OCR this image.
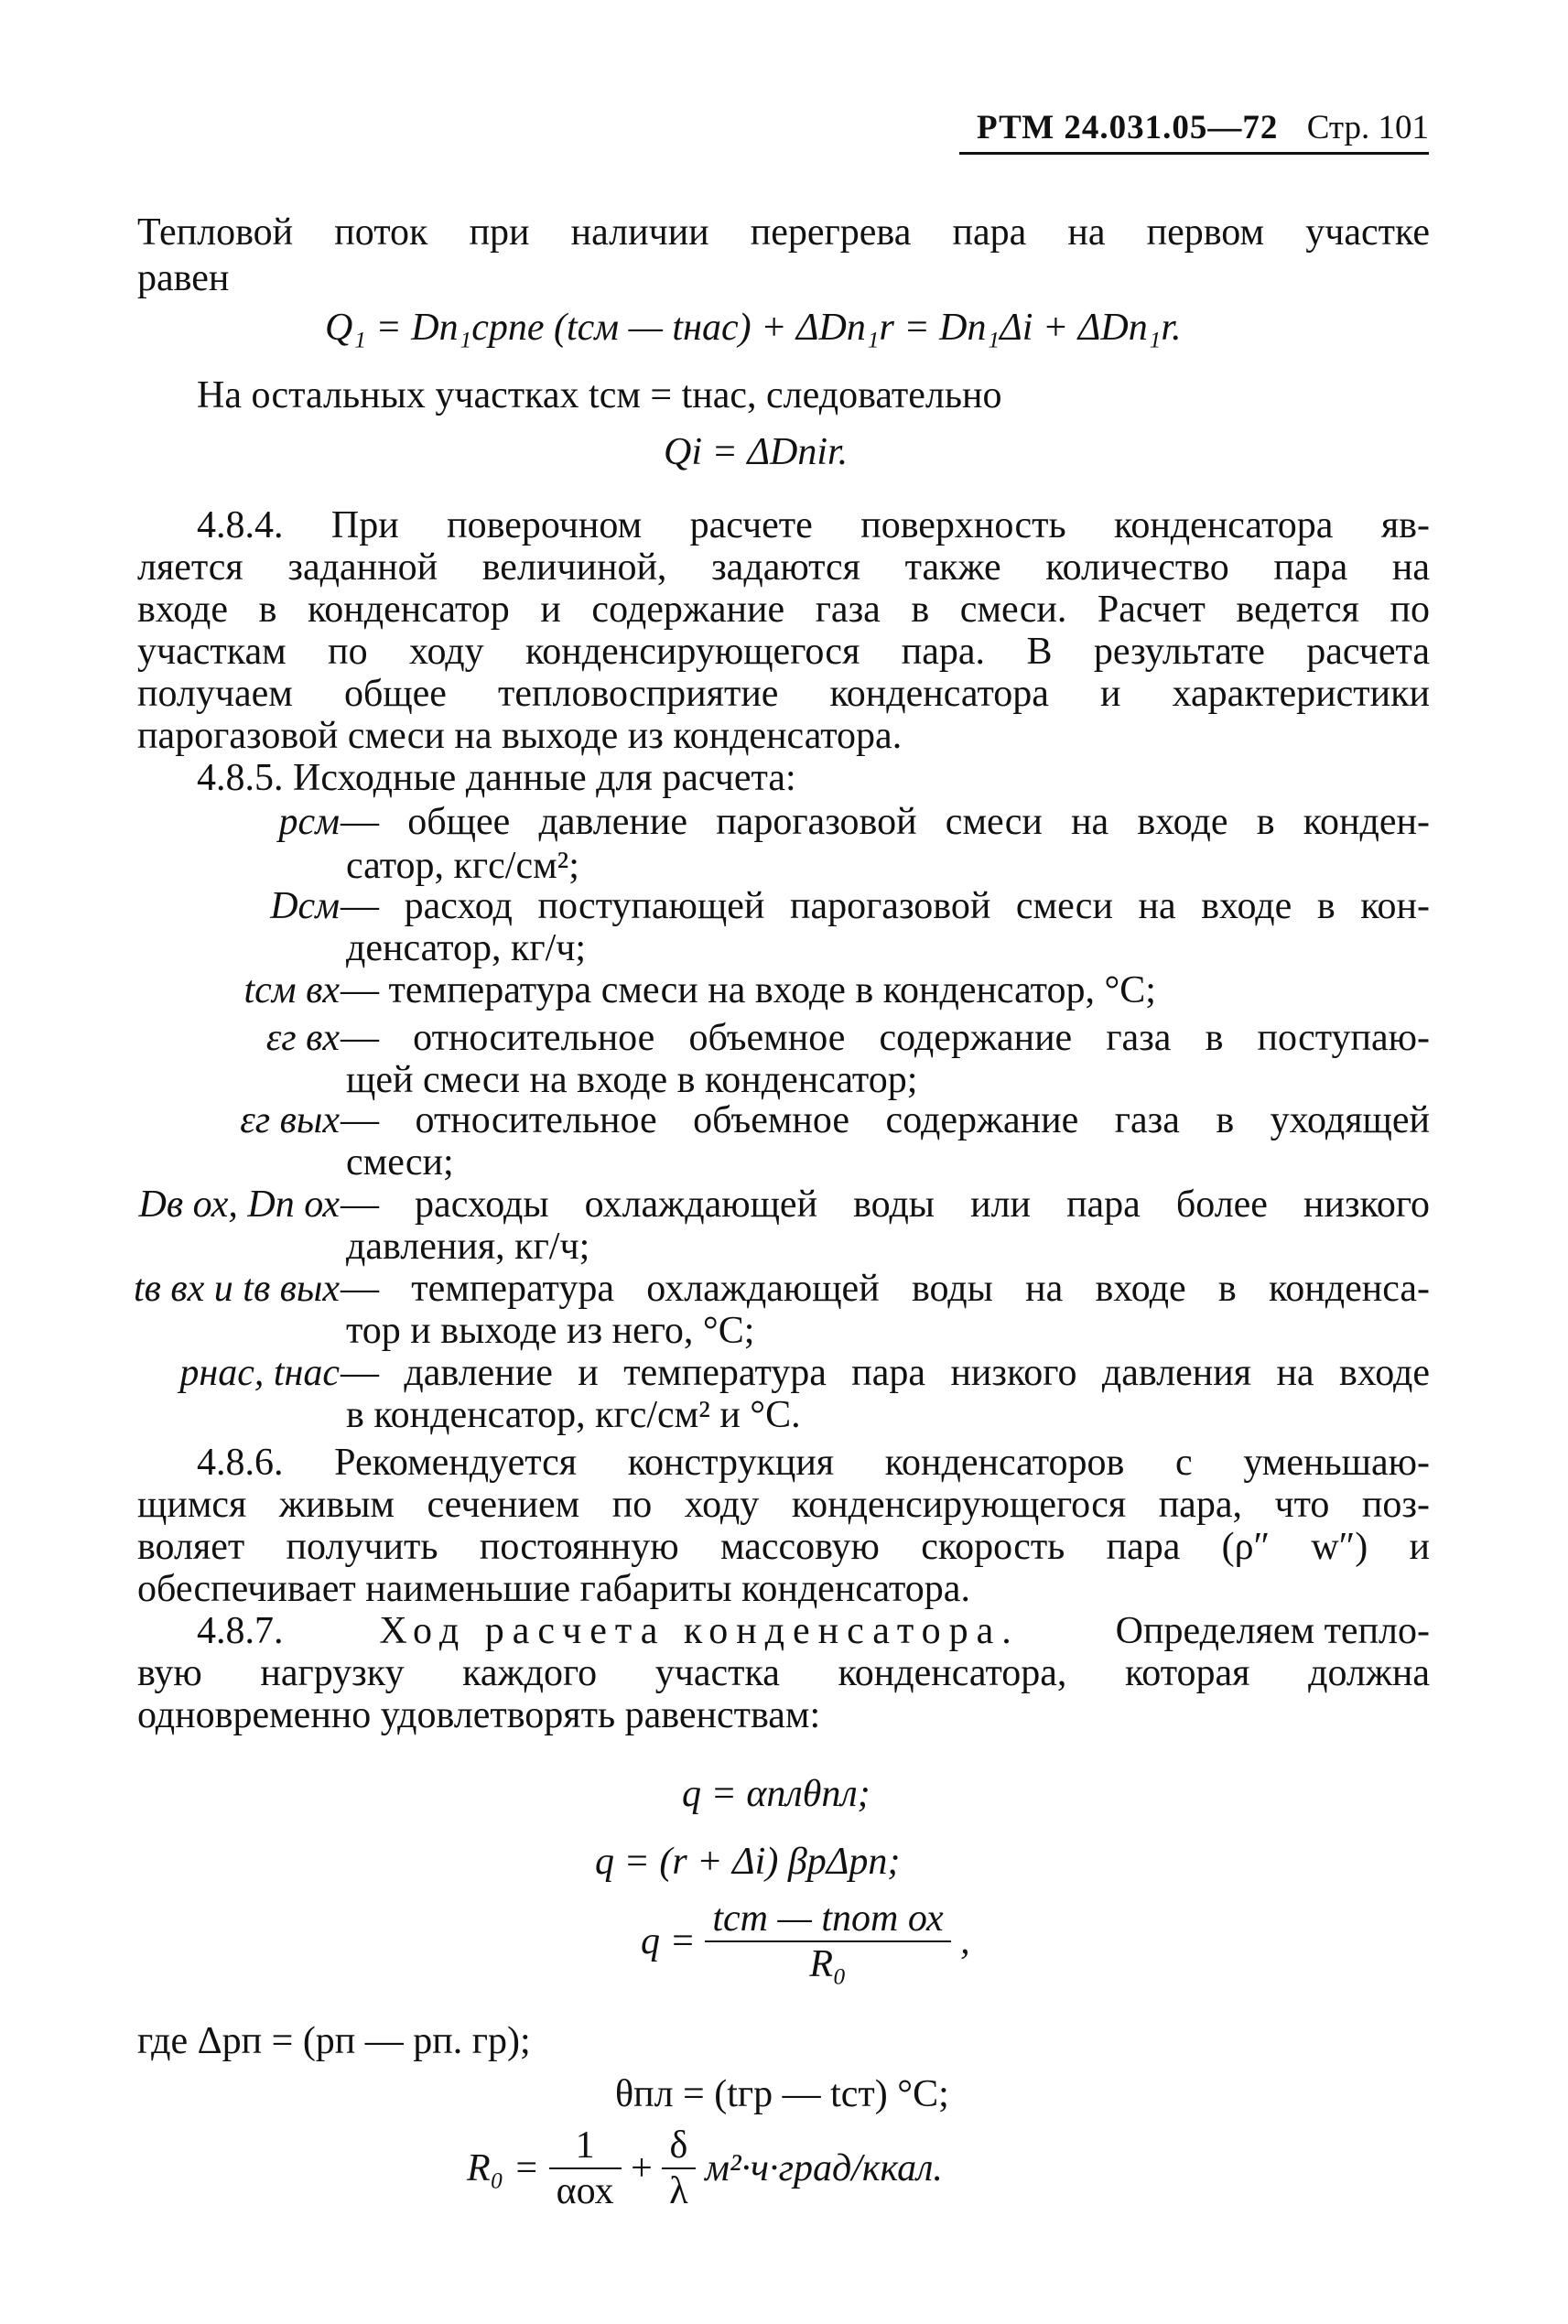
РТМ 24.031.05—72 Стр. 101
Тепловой поток при наличии перегрева пара на первом участке
равен
Q₁ = Dп₁cрпе (tсм — tнас) + ΔDп₁r = Dп₁Δi + ΔDп₁r.
На остальных участках tсм = tнас, следовательно
Qi = ΔDпir.
4.8.4. При поверочном расчете поверхность конденсатора яв-
ляется заданной величиной, задаются также количество пара на
входе в конденсатор и содержание газа в смеси. Расчет ведется по
участкам по ходу конденсирующегося пара. В результате расчета
получаем общее тепловосприятие конденсатора и характеристики
парогазовой смеси на выходе из конденсатора.
4.8.5. Исходные данные для расчета:
pсм — общее давление парогазовой смеси на входе в конден-
сатор, кгс/см²;
Dсм — расход поступающей парогазовой смеси на входе в кон-
денсатор, кг/ч;
tсм вх — температура смеси на входе в конденсатор, °С;
εг вх — относительное объемное содержание газа в поступаю-
щей смеси на входе в конденсатор;
εг вых — относительное объемное содержание газа в уходящей
смеси;
Dв ох, Dп ох — расходы охлаждающей воды или пара более низкого
давления, кг/ч;
tв вх и tв вых — температура охлаждающей воды на входе в конденса-
тор и выходе из него, °С;
pнас, tнас — давление и температура пара низкого давления на входе
в конденсатор, кгс/см² и °С.
4.8.6. Рекомендуется конструкция конденсаторов с уменьшаю-
щимся живым сечением по ходу конденсирующегося пара, что поз-
воляет получить постоянную массовую скорость пара (ρ″ w″) и
обеспечивает наименьшие габариты конденсатора.
4.8.7. Ход расчета конденсатора. Определяем тепло-
вую нагрузку каждого участка конденсатора, которая должна
одновременно удовлетворять равенствам:
q = αплθпл;
q = (r + Δi) βpΔpп;
$q = \frac{\text{tст — tпот ох}}{\text{R₀}}$ ,
где Δpп = (pп — pп. гр);
θпл = (tгр — tст) °С;
$R_0 = \frac{1}{\text{αох}} + \frac{\delta}{\lambda}$ м²·ч·град/ккал.
